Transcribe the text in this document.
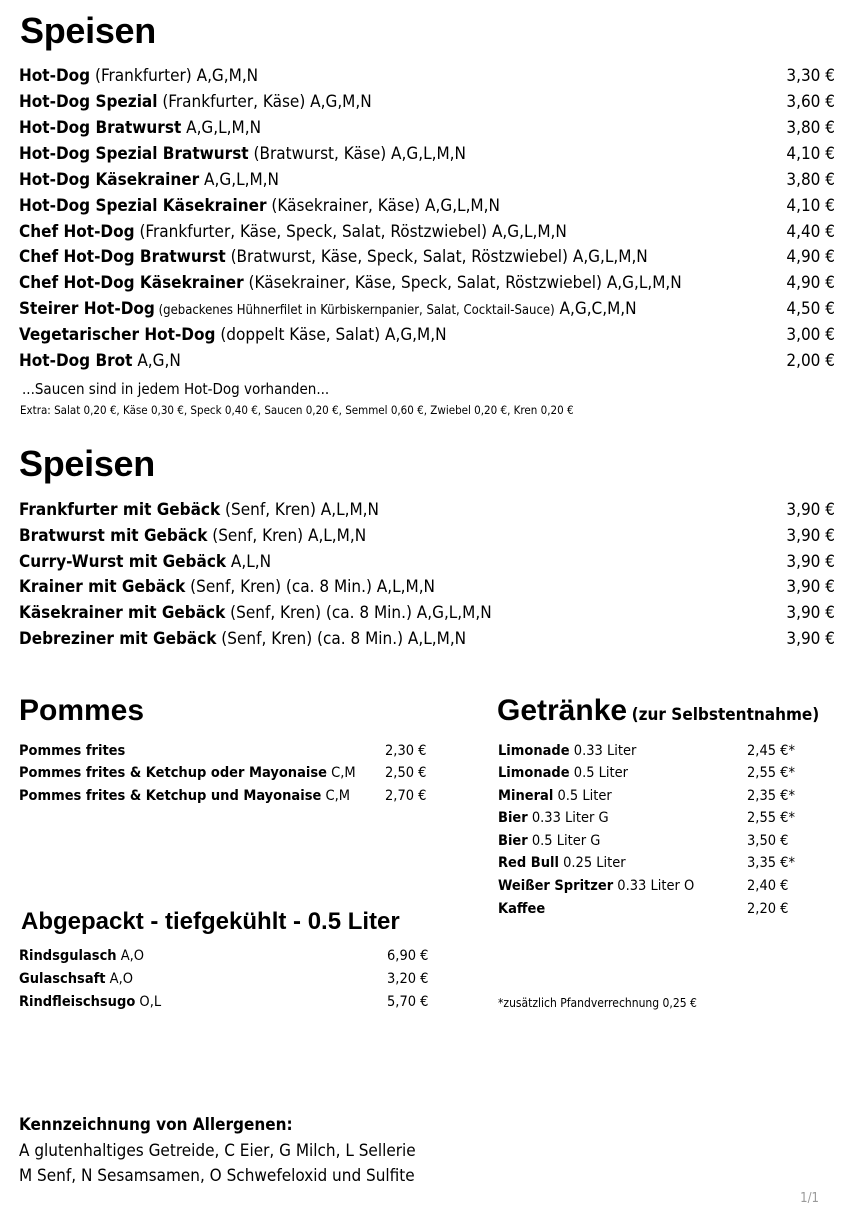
Speisen
Hot-Dog (Frankfurter) A,G,M,N	3,30 €
Hot-Dog Spezial (Frankfurter, Käse) A,G,M,N	3,60 €
Hot-Dog Bratwurst A,G,L,M,N	3,80 €
Hot-Dog Spezial Bratwurst (Bratwurst, Käse) A,G,L,M,N	4,10 €
Hot-Dog Käsekrainer A,G,L,M,N	3,80 €
Hot-Dog Spezial Käsekrainer (Käsekrainer, Käse) A,G,L,M,N	4,10 €
Chef Hot-Dog (Frankfurter, Käse, Speck, Salat, Röstzwiebel) A,G,L,M,N	4,40 €
Chef Hot-Dog Bratwurst (Bratwurst, Käse, Speck, Salat, Röstzwiebel) A,G,L,M,N	4,90 €
Chef Hot-Dog Käsekrainer (Käsekrainer, Käse, Speck, Salat, Röstzwiebel) A,G,L,M,N	4,90 €
Steirer Hot-Dog (gebackenes Hühnerfilet in Kürbiskernpanier, Salat, Cocktail-Sauce) A,G,C,M,N	4,50 €
Vegetarischer Hot-Dog (doppelt Käse, Salat) A,G,M,N	3,00 €
Hot-Dog Brot A,G,N	2,00 €
...Saucen sind in jedem Hot-Dog vorhanden...
Extra: Salat 0,20 €, Käse 0,30 €, Speck 0,40 €, Saucen 0,20 €, Semmel 0,60 €, Zwiebel 0,20 €, Kren 0,20 €
Speisen
Frankfurter mit Gebäck (Senf, Kren) A,L,M,N	3,90 €
Bratwurst mit Gebäck (Senf, Kren) A,L,M,N	3,90 €
Curry-Wurst mit Gebäck A,L,N	3,90 €
Krainer mit Gebäck (Senf, Kren) (ca. 8 Min.) A,L,M,N	3,90 €
Käsekrainer mit Gebäck (Senf, Kren) (ca. 8 Min.) A,G,L,M,N	3,90 €
Debreziner mit Gebäck (Senf, Kren) (ca. 8 Min.) A,L,M,N	3,90 €
Pommes
Pommes frites	2,30 €
Pommes frites & Ketchup oder Mayonaise C,M 2,50 €
Pommes frites & Ketchup und Mayonaise C,M 2,70 €
Getränke (zur Selbstentnahme)
Limonade 0.33 Liter	2,45 €*
Limonade 0.5 Liter	2,55 €*
Mineral 0.5 Liter	2,35 €*
Bier 0.33 Liter G	2,55 €*
Bier 0.5 Liter G	3,50 €
Red Bull 0.25 Liter	3,35 €*
Weißer Spritzer 0.33 Liter O	2,40 €
Kaffee	2,20 €
*zusätzlich Pfandverrechnung 0,25 €
Abgepackt - tiefgekühlt - 0.5 Liter
Rindsgulasch A,O	6,90 €
Gulaschsaft A,O	3,20 €
Rindfleischsugo O,L	5,70 €
Kennzeichnung von Allergenen:
A glutenhaltiges Getreide, C Eier, G Milch, L Sellerie
M Senf, N Sesamsamen, O Schwefeloxid und Sulfite
1/1
